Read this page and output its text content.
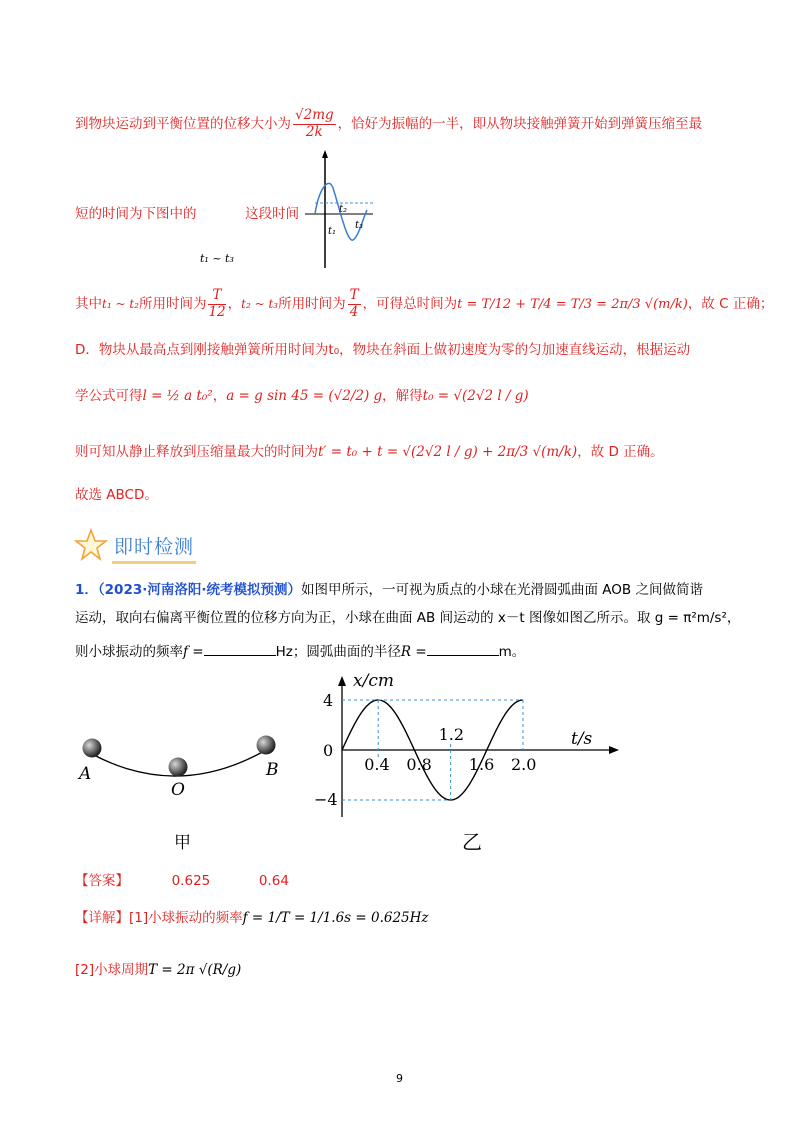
到物块运动到平衡位置的位移大小为 $\frac{√2mg}{2k}$ ，恰好为振幅的一半，即从物块接触弹簧开始到弹簧压缩至最
短的时间为下图中的	这段时间
t₁ ~ t₃
t₂
t₁
t₃
其中t₁ ~ t₂所用时间为 $\frac{T}{12}$ ，t₂ ~ t₃所用时间为 $\frac{T}{4}$ ，可得总时间为t = T/12 + T/4 = T/3 = 2π/3 √(m/k)，故 C 正确；
D．物块从最高点到刚接触弹簧所用时间为t₀，物块在斜面上做初速度为零的匀加速直线运动，根据运动
学公式可得l = ½ a t₀²，a = g sin 45 = (√2/2) g，解得t₀ = √(2√2 l / g)
则可知从静止释放到压缩量最大的时间为t′ = t₀ + t = √(2√2 l / g) + 2π/3 √(m/k)，故 D 正确。
故选 ABCD。
即时检测
1．（2023·河南洛阳·统考模拟预测）如图甲所示，一可视为质点的小球在光滑圆弧曲面 AOB 之间做简谐
运动，取向右偏离平衡位置的位移方向为正，小球在曲面 AB 间运动的 x－t 图像如图乙所示。取 g = π²m/s²，
则小球振动的频率f =	Hz；圆弧曲面的半径R =	m。
A
O
B
甲
x/cm
t/s
4
0
−4
1.2
0.4 0.8 1.6 2.0
乙
【答案】	0.625	0.64
【详解】[1]小球振动的频率f = 1/T = 1/1.6s = 0.625Hz
[2]小球周期T = 2π √(R/g)
9
